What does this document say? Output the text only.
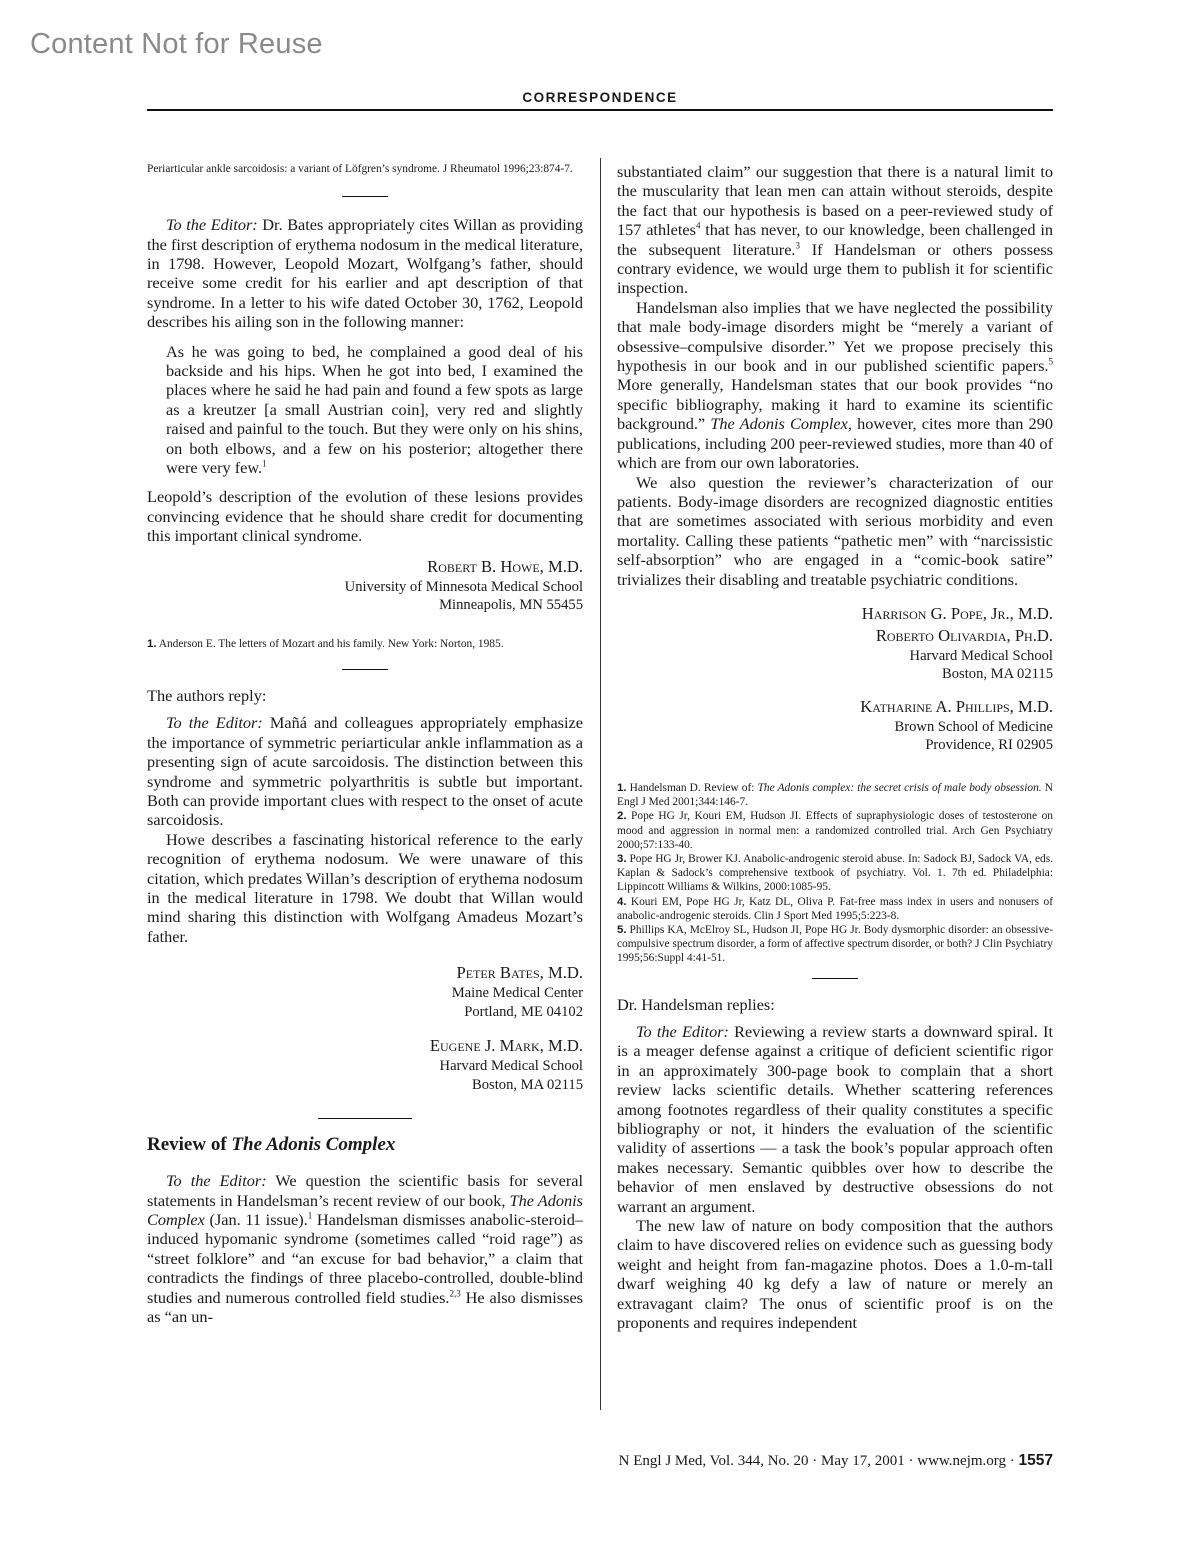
Content Not for Reuse
CORRESPONDENCE

Periarticular ankle sarcoidosis: a variant of Löfgren’s syndrome. J Rheumatol 1996;23:874-7.

To the Editor: Dr. Bates appropriately cites Willan as providing the first description of erythema nodosum in the medical literature, in 1798. However, Leopold Mozart, Wolfgang’s father, should receive some credit for his earlier and apt description of that syndrome. In a letter to his wife dated October 30, 1762, Leopold describes his ailing son in the following manner:

As he was going to bed, he complained a good deal of his backside and his hips. When he got into bed, I examined the places where he said he had pain and found a few spots as large as a kreutzer [a small Austrian coin], very red and slightly raised and painful to the touch. But they were only on his shins, on both elbows, and a few on his posterior; altogether there were very few.$^1$

Leopold’s description of the evolution of these lesions provides convincing evidence that he should share credit for documenting this important clinical syndrome.

Robert B. Howe, M.D.
University of Minnesota Medical School
Minneapolis, MN 55455

1. Anderson E. The letters of Mozart and his family. New York: Norton, 1985.

The authors reply:

To the Editor: Mañá and colleagues appropriately emphasize the importance of symmetric periarticular ankle inflammation as a presenting sign of acute sarcoidosis. The distinction between this syndrome and symmetric polyarthritis is subtle but important. Both can provide important clues with respect to the onset of acute sarcoidosis.

Howe describes a fascinating historical reference to the early recognition of erythema nodosum. We were unaware of this citation, which predates Willan’s description of erythema nodosum in the medical literature in 1798. We doubt that Willan would mind sharing this distinction with Wolfgang Amadeus Mozart’s father.

Peter Bates, M.D.
Maine Medical Center
Portland, ME 04102
Eugene J. Mark, M.D.
Harvard Medical School
Boston, MA 02115

Review of The Adonis Complex

To the Editor: We question the scientific basis for several statements in Handelsman’s recent review of our book, The Adonis Complex (Jan. 11 issue).$^1$ Handelsman dismisses anabolic-steroid–induced hypomanic syndrome (sometimes called “roid rage”) as “street folklore” and “an excuse for bad behavior,” a claim that contradicts the findings of three placebo-controlled, double-blind studies and numerous controlled field studies.$^{2,3}$ He also dismisses as “an un-

substantiated claim” our suggestion that there is a natural limit to the muscularity that lean men can attain without steroids, despite the fact that our hypothesis is based on a peer-reviewed study of 157 athletes$^4$ that has never, to our knowledge, been challenged in the subsequent literature.$^3$ If Handelsman or others possess contrary evidence, we would urge them to publish it for scientific inspection.

Handelsman also implies that we have neglected the possibility that male body-image disorders might be “merely a variant of obsessive–compulsive disorder.” Yet we propose precisely this hypothesis in our book and in our published scientific papers.$^5$ More generally, Handelsman states that our book provides “no specific bibliography, making it hard to examine its scientific background.” The Adonis Complex, however, cites more than 290 publications, including 200 peer-reviewed studies, more than 40 of which are from our own laboratories.

We also question the reviewer’s characterization of our patients. Body-image disorders are recognized diagnostic entities that are sometimes associated with serious morbidity and even mortality. Calling these patients “pathetic men” with “narcissistic self-absorption” who are engaged in a “comic-book satire” trivializes their disabling and treatable psychiatric conditions.

Harrison G. Pope, Jr., M.D.
Roberto Olivardia, Ph.D.
Harvard Medical School
Boston, MA 02115
Katharine A. Phillips, M.D.
Brown School of Medicine
Providence, RI 02905

1. Handelsman D. Review of: The Adonis complex: the secret crisis of male body obsession. N Engl J Med 2001;344:146-7.

2. Pope HG Jr, Kouri EM, Hudson JI. Effects of supraphysiologic doses of testosterone on mood and aggression in normal men: a randomized controlled trial. Arch Gen Psychiatry 2000;57:133-40.

3. Pope HG Jr, Brower KJ. Anabolic-androgenic steroid abuse. In: Sadock BJ, Sadock VA, eds. Kaplan & Sadock’s comprehensive textbook of psychiatry. Vol. 1. 7th ed. Philadelphia: Lippincott Williams & Wilkins, 2000:1085-95.

4. Kouri EM, Pope HG Jr, Katz DL, Oliva P. Fat-free mass index in users and nonusers of anabolic-androgenic steroids. Clin J Sport Med 1995;5:223-8.

5. Phillips KA, McElroy SL, Hudson JI, Pope HG Jr. Body dysmorphic disorder: an obsessive-compulsive spectrum disorder, a form of affective spectrum disorder, or both? J Clin Psychiatry 1995;56:Suppl 4:41-51.

Dr. Handelsman replies:

To the Editor: Reviewing a review starts a downward spiral. It is a meager defense against a critique of deficient scientific rigor in an approximately 300-page book to complain that a short review lacks scientific details. Whether scattering references among footnotes regardless of their quality constitutes a specific bibliography or not, it hinders the evaluation of the scientific validity of assertions — a task the book’s popular approach often makes necessary. Semantic quibbles over how to describe the behavior of men enslaved by destructive obsessions do not warrant an argument.

The new law of nature on body composition that the authors claim to have discovered relies on evidence such as guessing body weight and height from fan-magazine photos. Does a 1.0-m-tall dwarf weighing 40 kg defy a law of nature or merely an extravagant claim? The onus of scientific proof is on the proponents and requires independent

N Engl J Med, Vol. 344, No. 20 · May 17, 2001 · www.nejm.org · 1557
